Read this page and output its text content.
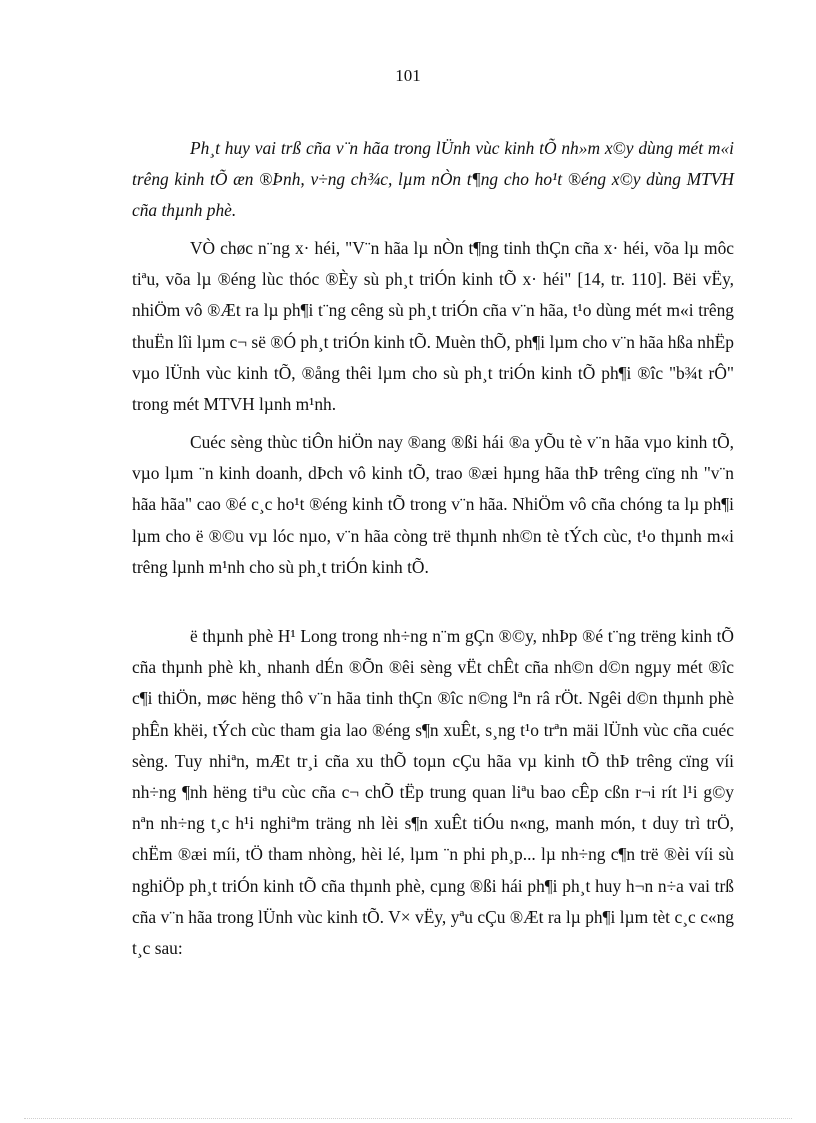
101

Ph¸t huy vai trß cña v¨n hãa trong lÜnh vùc kinh tÕ nh»m x©y dùng mét m«i trêng kinh tÕ æn ®Þnh, v÷ng ch¾c, lµm nÒn t¶ng cho ho¹t ®éng x©y dùng MTVH cña thµnh phè.

VÒ chøc n¨ng x· héi, "V¨n hãa lµ nÒn t¶ng tinh thÇn cña x· héi, võa lµ môc tiªu, võa lµ ®éng lùc thóc ®Èy sù ph¸t triÓn kinh tÕ x· héi" [14, tr. 110]. Bëi vËy, nhiÖm vô ®Æt ra lµ ph¶i t¨ng cêng sù ph¸t triÓn cña v¨n hãa, t¹o dùng mét m«i trêng thuËn lîi lµm c¬ së ®Ó ph¸t triÓn kinh tÕ. Muèn thÕ, ph¶i lµm cho v¨n hãa hßa nhËp vµo lÜnh vùc kinh tÕ, ®ång thêi lµm cho sù ph¸t triÓn kinh tÕ ph¶i ®îc "b¾t rÔ" trong mét MTVH lµnh m¹nh.

Cuéc sèng thùc tiÔn hiÖn nay ®ang ®ßi hái ®a yÕu tè v¨n hãa vµo kinh tÕ, vµo lµm ¨n kinh doanh, dÞch vô kinh tÕ, trao ®æi hµng hãa thÞ trêng cïng nh "v¨n hãa hãa" cao ®é c¸c ho¹t ®éng kinh tÕ trong v¨n hãa. NhiÖm vô cña chóng ta lµ ph¶i lµm cho ë ®©u vµ lóc nµo, v¨n hãa còng trë thµnh nh©n tè tÝch cùc, t¹o thµnh m«i trêng lµnh m¹nh cho sù ph¸t triÓn kinh tÕ.

ë thµnh phè H¹ Long trong nh÷ng n¨m gÇn ®©y, nhÞp ®é t¨ng trëng kinh tÕ cña thµnh phè kh¸ nhanh dÉn ®Õn ®êi sèng vËt chÊt cña nh©n d©n ngµy mét ®îc c¶i thiÖn, møc hëng thô v¨n hãa tinh thÇn ®îc n©ng lªn râ rÖt. Ngêi d©n thµnh phè phÊn khëi, tÝch cùc tham gia lao ®éng s¶n xuÊt, s¸ng t¹o trªn mäi lÜnh vùc cña cuéc sèng. Tuy nhiªn, mÆt tr¸i cña xu thÕ toµn cÇu hãa vµ kinh tÕ thÞ trêng cïng víi nh÷ng ¶nh hëng tiªu cùc cña c¬ chÕ tËp trung quan liªu bao cÊp cßn r¬i rít l¹i g©y nªn nh÷ng t¸c h¹i nghiªm träng nh lèi s¶n xuÊt tiÓu n«ng, manh món, t duy trì trÖ, chËm ®æi míi, tÖ tham nhòng, hèi lé, lµm ¨n phi ph¸p... lµ nh÷ng c¶n trë ®èi víi sù nghiÖp ph¸t triÓn kinh tÕ cña thµnh phè, cµng ®ßi hái ph¶i ph¸t huy h¬n n÷a vai trß cña v¨n hãa trong lÜnh vùc kinh tÕ. V× vËy, yªu cÇu ®Æt ra lµ ph¶i lµm tèt c¸c c«ng t¸c sau:
